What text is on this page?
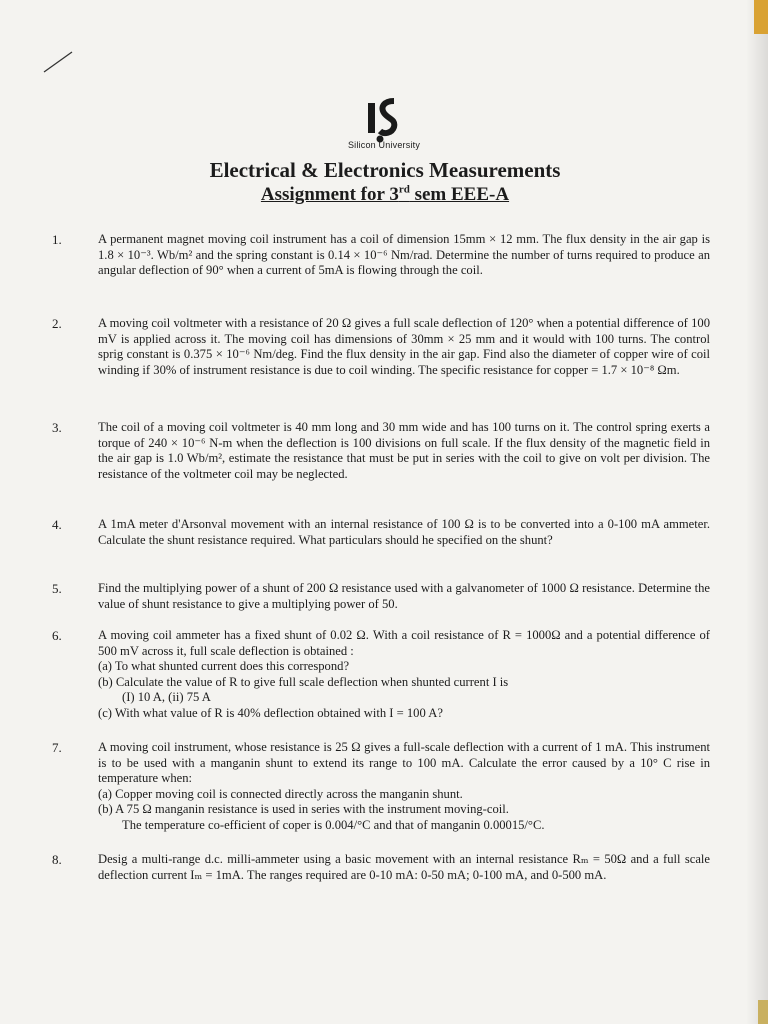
Silicon University
Electrical & Electronics Measurements
Assignment for 3rd sem EEE-A
1.	A permanent magnet moving coil instrument has a coil of dimension 15mm × 12 mm. The flux density in the air gap is 1.8 × 10⁻³. Wb/m² and the spring constant is 0.14 × 10⁻⁶ Nm/rad. Determine the number of turns required to produce an angular deflection of 90° when a current of 5mA is flowing through the coil.

2.	A moving coil voltmeter with a resistance of 20 Ω gives a full scale deflection of 120° when a potential difference of 100 mV is applied across it. The moving coil has dimensions of 30mm × 25 mm and it would with 100 turns. The control sprig constant is 0.375 × 10⁻⁶ Nm/deg. Find the flux density in the air gap. Find also the diameter of copper wire of coil winding if 30% of instrument resistance is due to coil winding. The specific resistance for copper = 1.7 × 10⁻⁸ Ωm.

3.	The coil of a moving coil voltmeter is 40 mm long and 30 mm wide and has 100 turns on it. The control spring exerts a torque of 240 × 10⁻⁶ N-m when the deflection is 100 divisions on full scale. If the flux density of the magnetic field in the air gap is 1.0 Wb/m², estimate the resistance that must be put in series with the coil to give on volt per division. The resistance of the voltmeter coil may be neglected.

4.	A 1mA meter d'Arsonval movement with an internal resistance of 100 Ω is to be converted into a 0-100 mA ammeter. Calculate the shunt resistance required. What particulars should he specified on the shunt?

5.	Find the multiplying power of a shunt of 200 Ω resistance used with a galvanometer of 1000 Ω resistance. Determine the value of shunt resistance to give a multiplying power of 50.

6.	A moving coil ammeter has a fixed shunt of 0.02 Ω. With a coil resistance of R = 1000Ω and a potential difference of 500 mV across it, full scale deflection is obtained :

(a) To what shunted current does this correspond?

(b) Calculate the value of R to give full scale deflection when shunted current I is

(I) 10 A, (ii) 75 A

(c) With what value of R is 40% deflection obtained with I = 100 A?

7.	A moving coil instrument, whose resistance is 25 Ω gives a full-scale deflection with a current of 1 mA. This instrument is to be used with a manganin shunt to extend its range to 100 mA. Calculate the error caused by a 10° C rise in temperature when:

(a) Copper moving coil is connected directly across the manganin shunt.

(b) A 75 Ω manganin resistance is used in series with the instrument moving-coil.

The temperature co-efficient of coper is 0.004/°C and that of manganin 0.00015/°C.

8.	Desig a multi-range d.c. milli-ammeter using a basic movement with an internal resistance Rₘ = 50Ω and a full scale deflection current Iₘ = 1mA. The ranges required are 0-10 mA: 0-50 mA; 0-100 mA, and 0-500 mA.
